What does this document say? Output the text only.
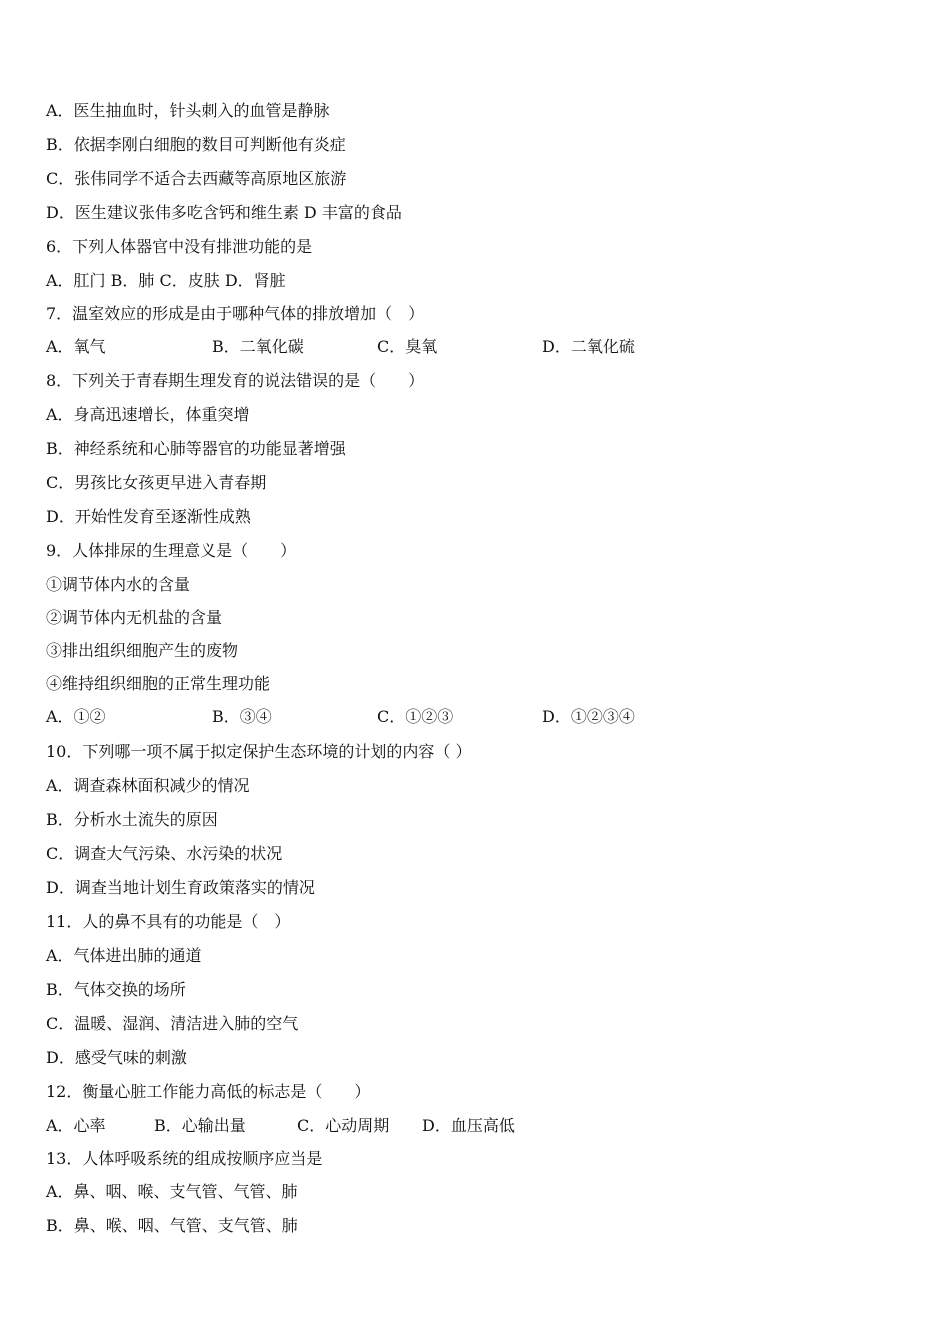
A．医生抽血时，针头刺入的血管是静脉
B．依据李刚白细胞的数目可判断他有炎症
C．张伟同学不适合去西藏等高原地区旅游
D．医生建议张伟多吃含钙和维生素 D 丰富的食品
6．下列人体器官中没有排泄功能的是
A．肛门 B．肺 C．皮肤 D．肾脏
7．温室效应的形成是由于哪种气体的排放增加（　）
A．氧气	B．二氧化碳	C．臭氧	D．二氧化硫
8．下列关于青春期生理发育的说法错误的是（　　）
A．身高迅速增长，体重突增
B．神经系统和心肺等器官的功能显著增强
C．男孩比女孩更早进入青春期
D．开始性发育至逐渐性成熟
9．人体排尿的生理意义是（　　）
①调节体内水的含量
②调节体内无机盐的含量
③排出组织细胞产生的废物
④维持组织细胞的正常生理功能
A．①②	B．③④	C．①②③	D．①②③④
10．下列哪一项不属于拟定保护生态环境的计划的内容（ ）
A．调查森林面积减少的情况
B．分析水土流失的原因
C．调查大气污染、水污染的状况
D．调查当地计划生育政策落实的情况
11．人的鼻不具有的功能是（　）
A．气体进出肺的通道
B．气体交换的场所
C．温暖、湿润、清洁进入肺的空气
D．感受气味的刺激
12．衡量心脏工作能力高低的标志是（　　）
A．心率	B．心输出量	C．心动周期 D．血压高低
13．人体呼吸系统的组成按顺序应当是
A．鼻、咽、喉、支气管、气管、肺
B．鼻、喉、咽、气管、支气管、肺
